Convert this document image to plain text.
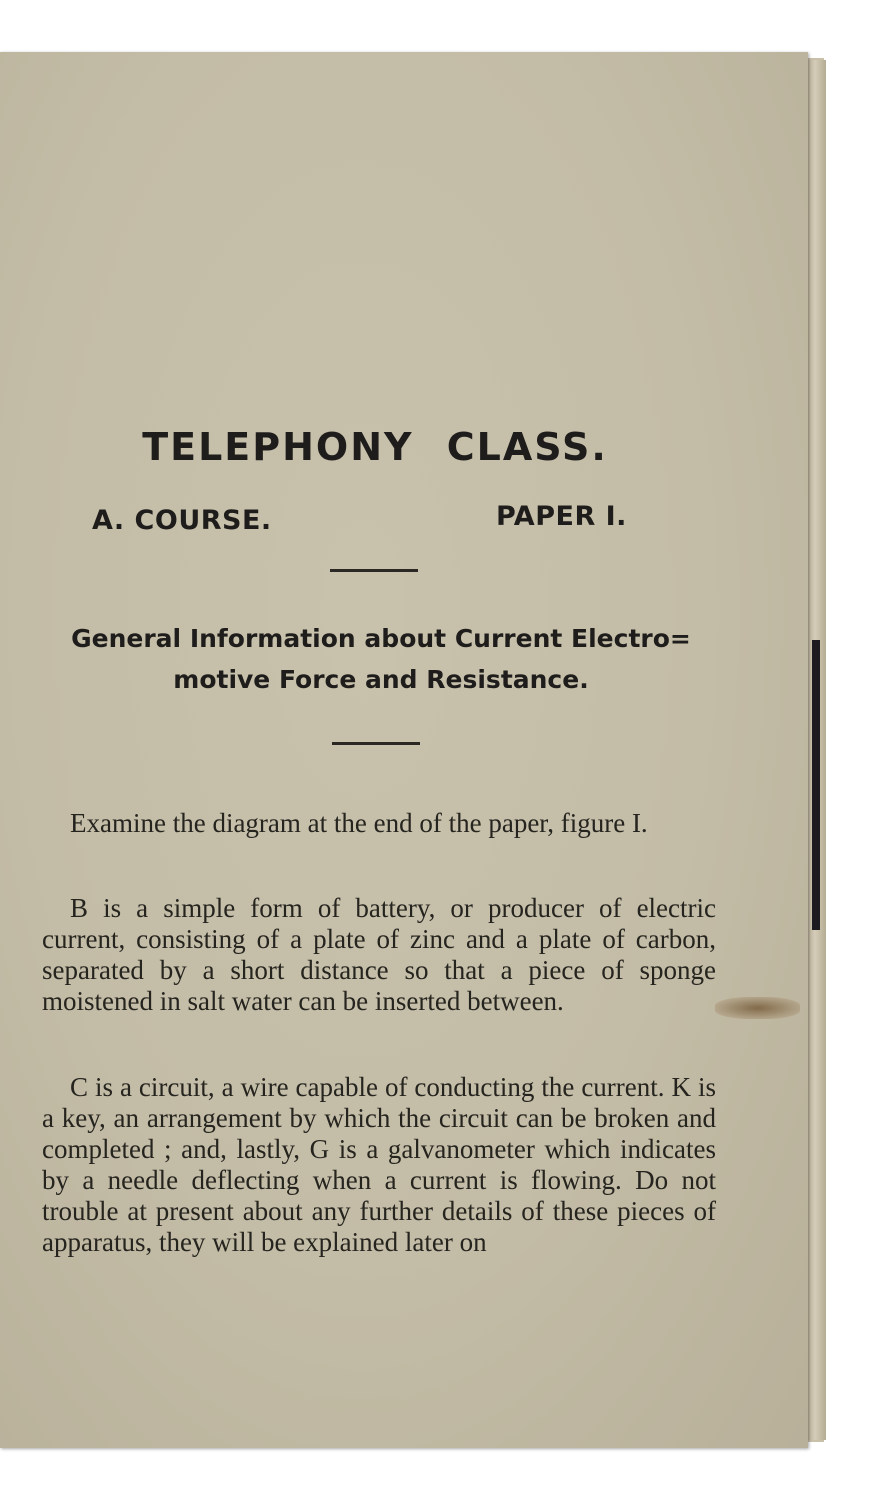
TELEPHONY CLASS.
A. COURSE.	PAPER I.
General Information about Current Electro=
motive Force and Resistance.
Examine the diagram at the end of the paper, figure I.
B is a simple form of battery, or producer of electric current, consisting of a plate of zinc and a plate of carbon, separated by a short distance so that a piece of sponge moistened in salt water can be inserted between.
C is a circuit, a wire capable of conducting the current. K is a key, an arrangement by which the circuit can be broken and completed ; and, lastly, G is a galvanometer which indicates by a needle deflecting when a current is flowing. Do not trouble at present about any further details of these pieces of apparatus, they will be explained later on
